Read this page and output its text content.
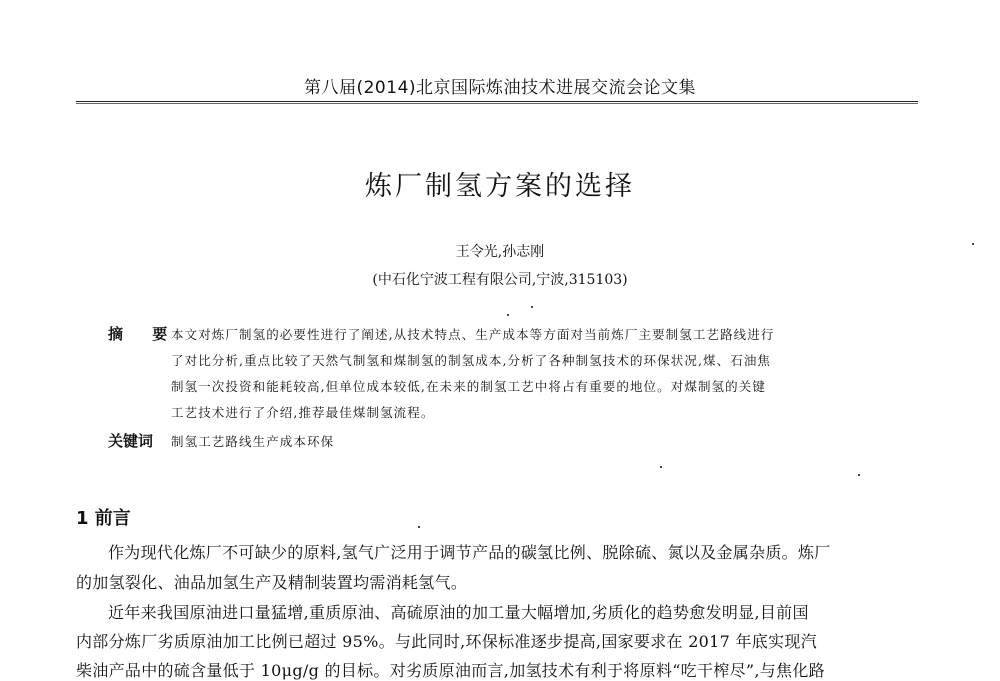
第八届(2014)北京国际炼油技术进展交流会论文集
炼厂制氢方案的选择
王令光,孙志刚
(中石化宁波工程有限公司,宁波,315103)
摘 要
本文对炼厂制氢的必要性进行了阐述,从技术特点、生产成本等方面对当前炼厂主要制氢工艺路线进行
了对比分析,重点比较了天然气制氢和煤制氢的制氢成本,分析了各种制氢技术的环保状况,煤、石油焦
制氢一次投资和能耗较高,但单位成本较低,在未来的制氢工艺中将占有重要的地位。对煤制氢的关键
工艺技术进行了介绍,推荐最佳煤制氢流程。
关键词 制氢工艺路线生产成本环保
1 前言
作为现代化炼厂不可缺少的原料,氢气广泛用于调节产品的碳氢比例、脱除硫、氮以及金属杂质。炼厂
的加氢裂化、油品加氢生产及精制装置均需消耗氢气。
近年来我国原油进口量猛增,重质原油、高硫原油的加工量大幅增加,劣质化的趋势愈发明显,目前国
内部分炼厂劣质原油加工比例已超过 95%。与此同时,环保标准逐步提高,国家要求在 2017 年底实现汽
柴油产品中的硫含量低于 10μg/g 的目标。对劣质原油而言,加氢技术有利于将原料“吃干榨尽”,与焦化路
